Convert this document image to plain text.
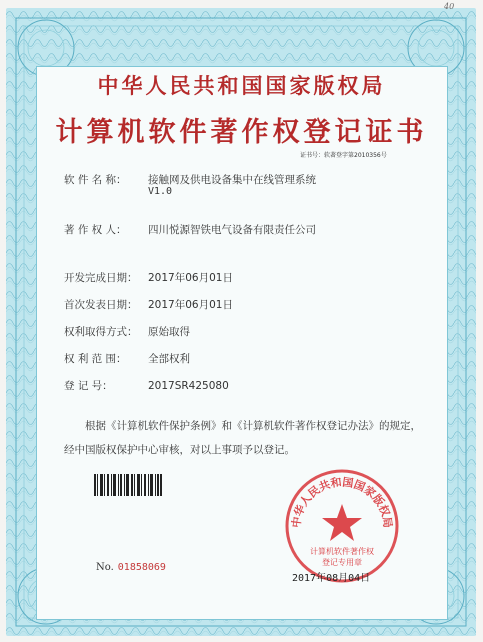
40
中华人民共和国国家版权局
计算机软件著作权登记证书
证书号：软著登字第2010356号
软 件 名 称： 接触网及供电设备集中在线管理系统
V1.0
著 作 权 人： 四川悦源智铁电气设备有限责任公司
开发完成日期： 2017年06月01日
首次发表日期： 2017年06月01日
权利取得方式： 原始取得
权 利 范 围： 全部权利
登 记 号：	2017SR425080
根据《计算机软件保护条例》和《计算机软件著作权登记办法》的规定，经中国版权保护中心审核，对以上事项予以登记。
No. 01858069
中华人民共和国国家版权局
计算机软件著作权
登记专用章
2017年08月04日
